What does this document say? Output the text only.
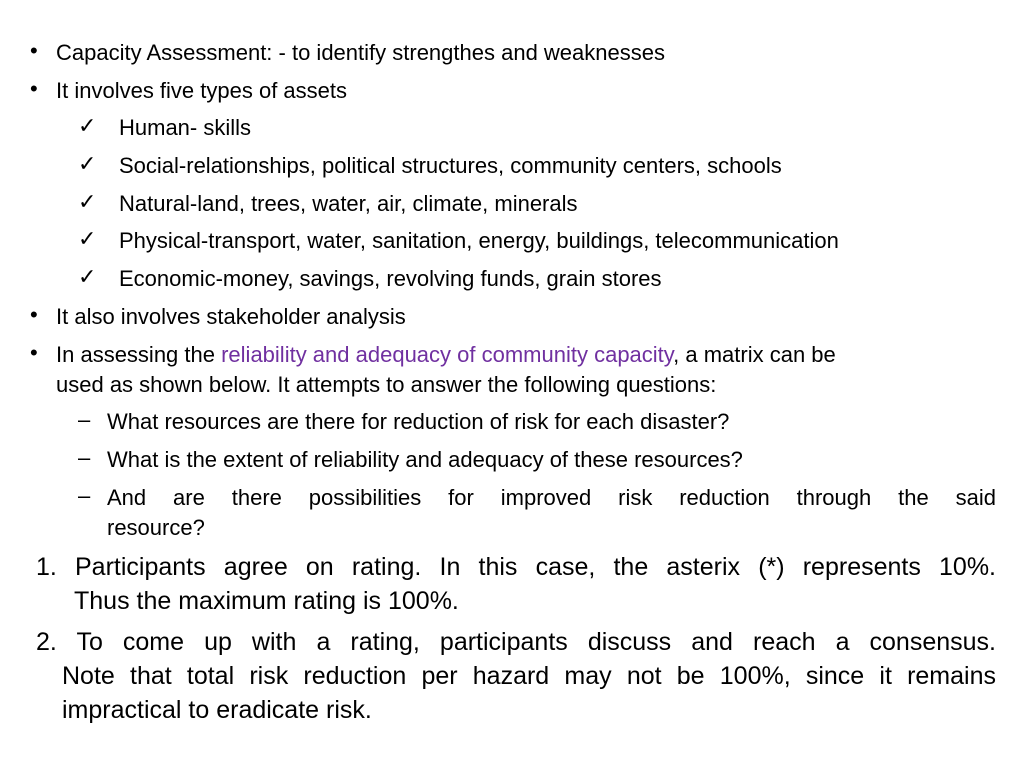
• Capacity Assessment: - to identify strengthes and weaknesses
• It involves five types of assets
✓ Human- skills
✓ Social-relationships, political structures, community centers, schools
✓ Natural-land, trees, water, air, climate, minerals
✓ Physical-transport, water, sanitation, energy, buildings, telecommunication
✓ Economic-money, savings, revolving funds, grain stores
• It also involves stakeholder analysis
• In assessing the reliability and adequacy of community capacity, a matrix can be
used as shown below. It attempts to answer the following questions:
– What resources are there for reduction of risk for each disaster?
– What is the extent of reliability and adequacy of these resources?
– And are there possibilities for improved risk reduction through the said
resource?
1. Participants agree on rating. In this case, the asterix (*) represents 10%.
Thus the maximum rating is 100%.
2. To come up with a rating, participants discuss and reach a consensus.
Note that total risk reduction per hazard may not be 100%, since it remains impractical to eradicate risk.
